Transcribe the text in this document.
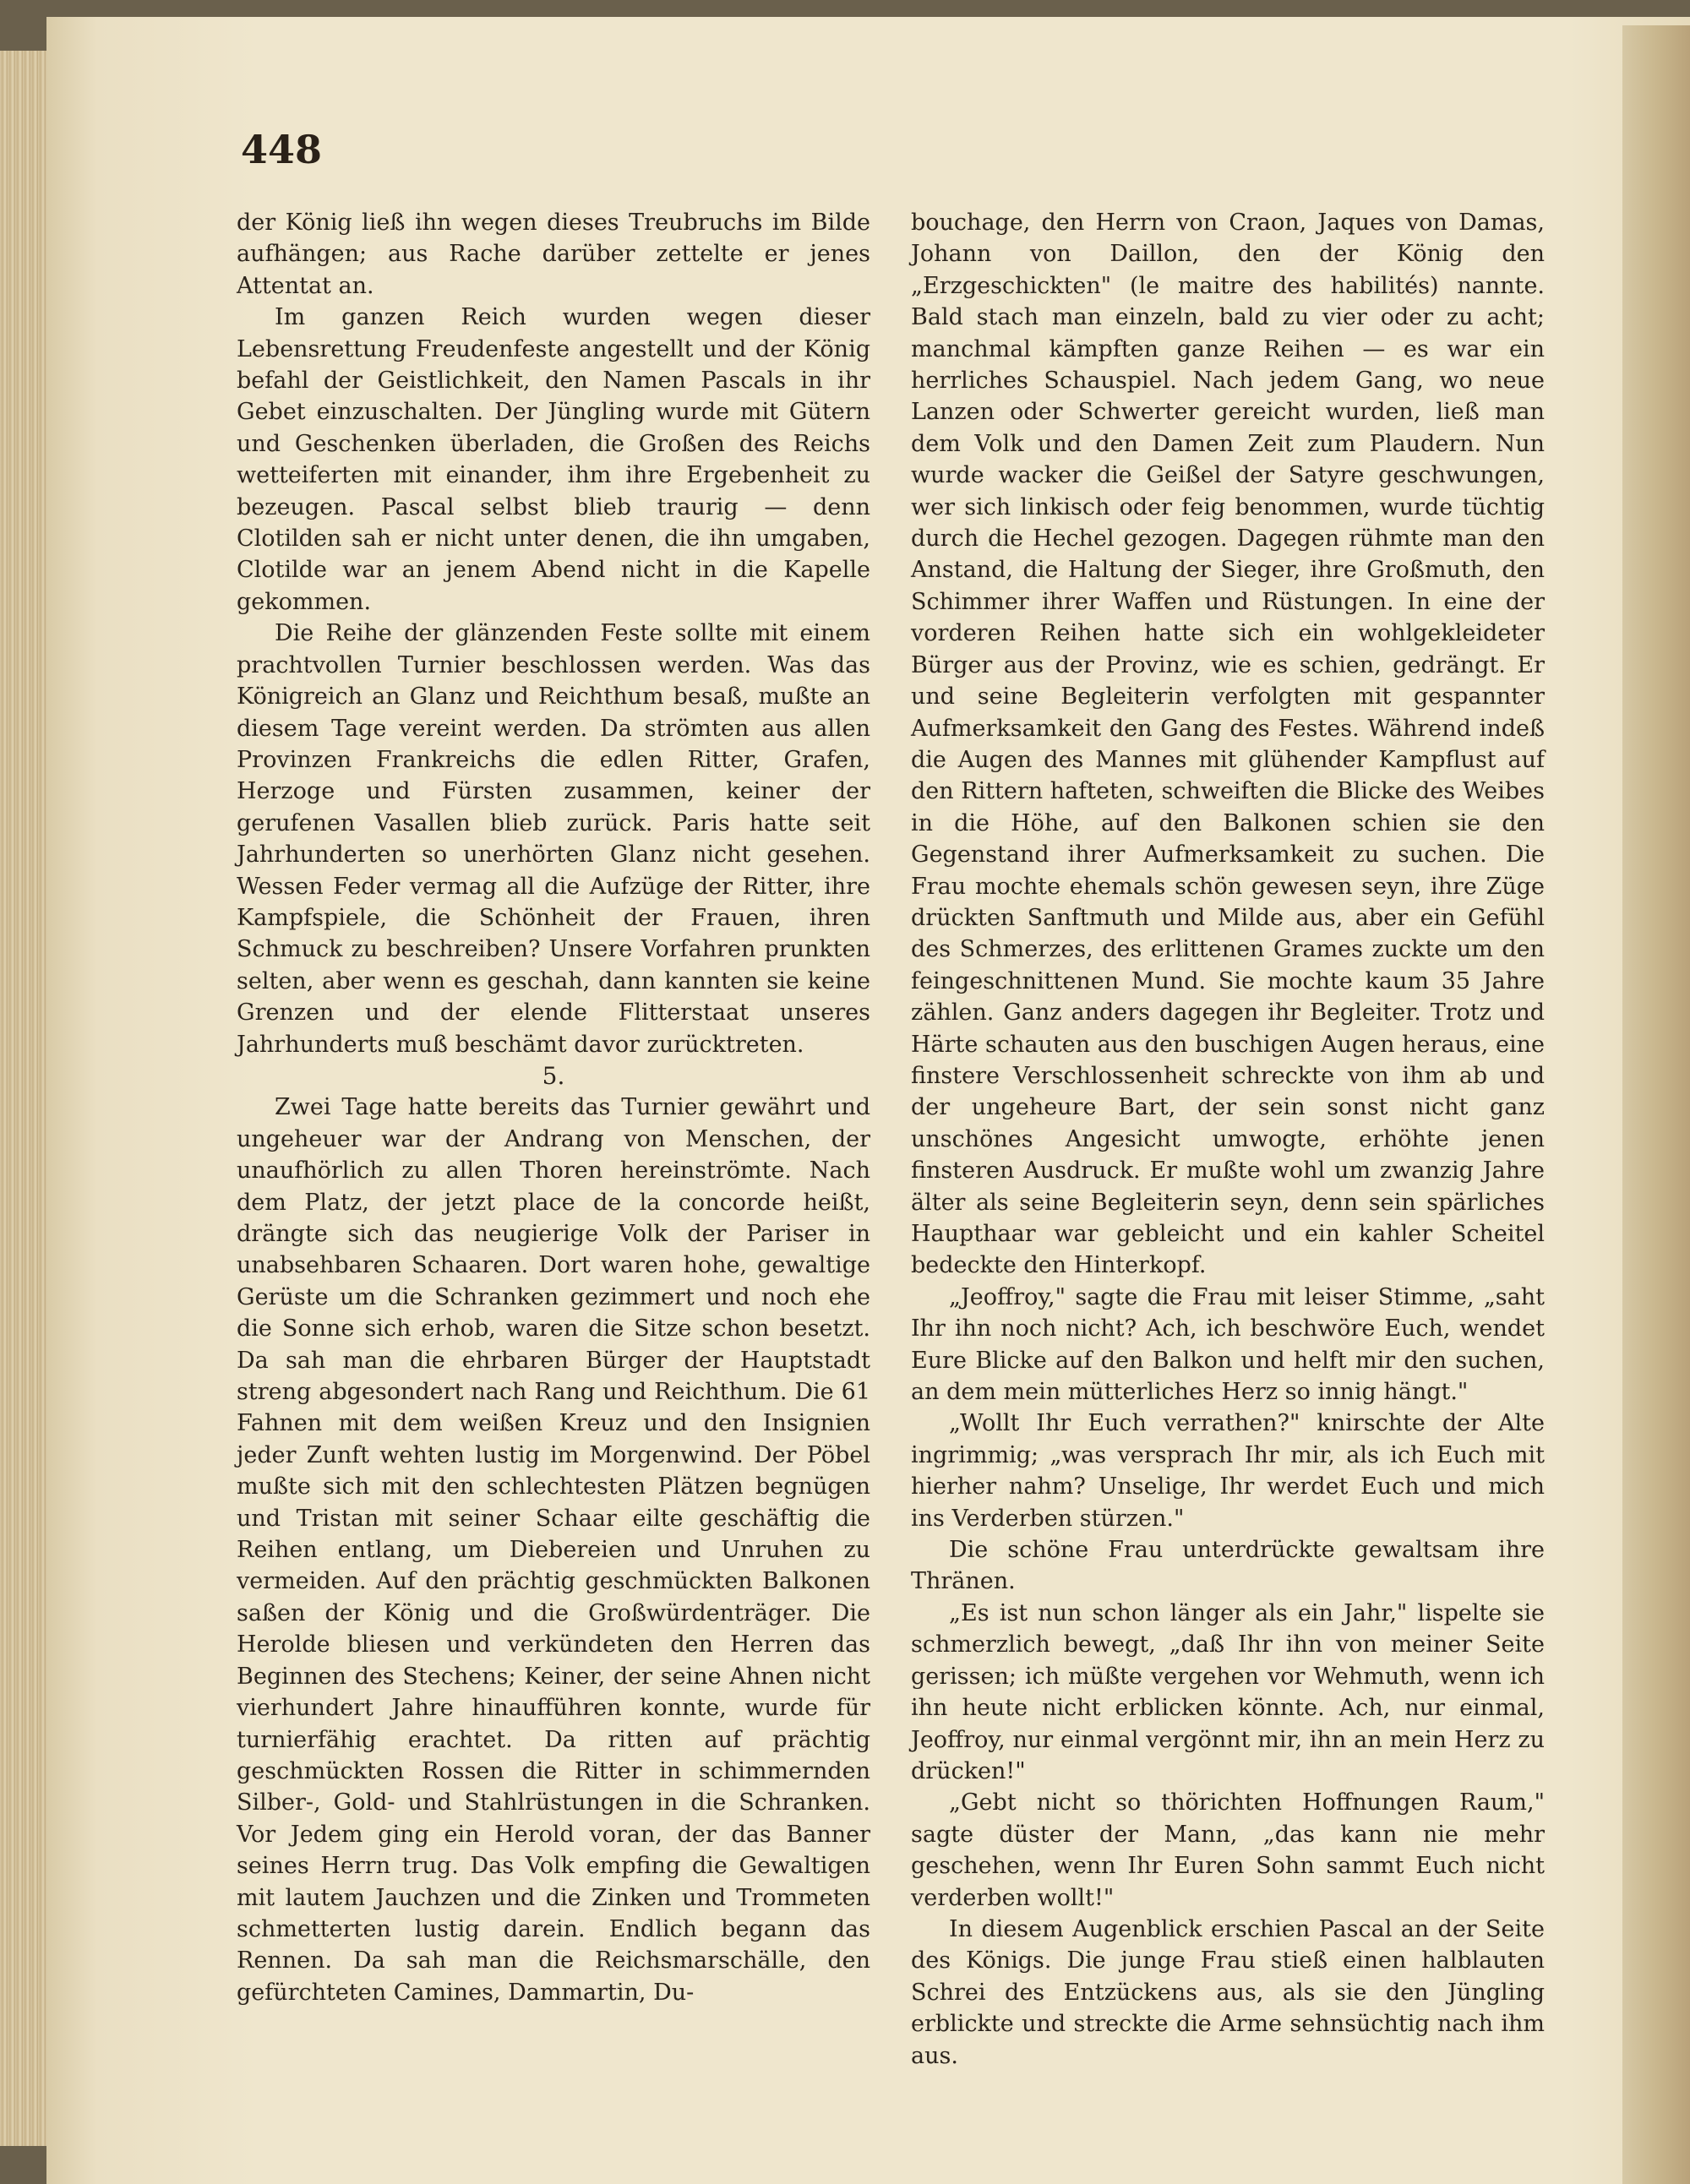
448

der König ließ ihn wegen dieses Treubruchs im Bilde aufhängen; aus Rache darüber zettelte er jenes Attentat an.

Im ganzen Reich wurden wegen dieser Lebensrettung Freudenfeste angestellt und der König befahl der Geistlichkeit, den Namen Pascals in ihr Gebet einzuschalten. Der Jüngling wurde mit Gütern und Geschenken überladen, die Großen des Reichs wetteiferten mit einander, ihm ihre Ergebenheit zu bezeugen. Pascal selbst blieb traurig — denn Clotilden sah er nicht unter denen, die ihn umgaben, Clotilde war an jenem Abend nicht in die Kapelle gekommen.

Die Reihe der glänzenden Feste sollte mit einem prachtvollen Turnier beschlossen werden. Was das Königreich an Glanz und Reichthum besaß, mußte an diesem Tage vereint werden. Da strömten aus allen Provinzen Frankreichs die edlen Ritter, Grafen, Herzoge und Fürsten zusammen, keiner der gerufenen Vasallen blieb zurück. Paris hatte seit Jahrhunderten so unerhörten Glanz nicht gesehen. Wessen Feder vermag all die Aufzüge der Ritter, ihre Kampfspiele, die Schönheit der Frauen, ihren Schmuck zu beschreiben? Unsere Vorfahren prunkten selten, aber wenn es geschah, dann kannten sie keine Grenzen und der elende Flitterstaat unseres Jahrhunderts muß beschämt davor zurücktreten.

5.

Zwei Tage hatte bereits das Turnier gewährt und ungeheuer war der Andrang von Menschen, der unaufhörlich zu allen Thoren hereinströmte. Nach dem Platz, der jetzt place de la concorde heißt, drängte sich das neugierige Volk der Pariser in unabsehbaren Schaaren. Dort waren hohe, gewaltige Gerüste um die Schranken gezimmert und noch ehe die Sonne sich erhob, waren die Sitze schon besetzt. Da sah man die ehrbaren Bürger der Hauptstadt streng abgesondert nach Rang und Reichthum. Die 61 Fahnen mit dem weißen Kreuz und den Insignien jeder Zunft wehten lustig im Morgenwind. Der Pöbel mußte sich mit den schlechtesten Plätzen begnügen und Tristan mit seiner Schaar eilte geschäftig die Reihen entlang, um Diebereien und Unruhen zu vermeiden. Auf den prächtig geschmückten Balkonen saßen der König und die Großwürdenträger. Die Herolde bliesen und verkündeten den Herren das Beginnen des Stechens; Keiner, der seine Ahnen nicht vierhundert Jahre hinaufführen konnte, wurde für turnierfähig erachtet. Da ritten auf prächtig geschmückten Rossen die Ritter in schimmernden Silber-, Gold- und Stahlrüstungen in die Schranken. Vor Jedem ging ein Herold voran, der das Banner seines Herrn trug. Das Volk empfing die Gewaltigen mit lautem Jauchzen und die Zinken und Trommeten schmetterten lustig darein. Endlich begann das Rennen. Da sah man die Reichsmarschälle, den gefürchteten Camines, Dammartin, Du-

bouchage, den Herrn von Craon, Jaques von Damas, Johann von Daillon, den der König den „Erzgeschickten" (le maitre des habilités) nannte. Bald stach man einzeln, bald zu vier oder zu acht; manchmal kämpften ganze Reihen — es war ein herrliches Schauspiel. Nach jedem Gang, wo neue Lanzen oder Schwerter gereicht wurden, ließ man dem Volk und den Damen Zeit zum Plaudern. Nun wurde wacker die Geißel der Satyre geschwungen, wer sich linkisch oder feig benommen, wurde tüchtig durch die Hechel gezogen. Dagegen rühmte man den Anstand, die Haltung der Sieger, ihre Großmuth, den Schimmer ihrer Waffen und Rüstungen. In eine der vorderen Reihen hatte sich ein wohlgekleideter Bürger aus der Provinz, wie es schien, gedrängt. Er und seine Begleiterin verfolgten mit gespannter Aufmerksamkeit den Gang des Festes. Während indeß die Augen des Mannes mit glühender Kampflust auf den Rittern hafteten, schweiften die Blicke des Weibes in die Höhe, auf den Balkonen schien sie den Gegenstand ihrer Aufmerksamkeit zu suchen. Die Frau mochte ehemals schön gewesen seyn, ihre Züge drückten Sanftmuth und Milde aus, aber ein Gefühl des Schmerzes, des erlittenen Grames zuckte um den feingeschnittenen Mund. Sie mochte kaum 35 Jahre zählen. Ganz anders dagegen ihr Begleiter. Trotz und Härte schauten aus den buschigen Augen heraus, eine finstere Verschlossenheit schreckte von ihm ab und der ungeheure Bart, der sein sonst nicht ganz unschönes Angesicht umwogte, erhöhte jenen finsteren Ausdruck. Er mußte wohl um zwanzig Jahre älter als seine Begleiterin seyn, denn sein spärliches Haupthaar war gebleicht und ein kahler Scheitel bedeckte den Hinterkopf.

„Jeoffroy," sagte die Frau mit leiser Stimme, „saht Ihr ihn noch nicht? Ach, ich beschwöre Euch, wendet Eure Blicke auf den Balkon und helft mir den suchen, an dem mein mütterliches Herz so innig hängt."

„Wollt Ihr Euch verrathen?" knirschte der Alte ingrimmig; „was versprach Ihr mir, als ich Euch mit hierher nahm? Unselige, Ihr werdet Euch und mich ins Verderben stürzen."

Die schöne Frau unterdrückte gewaltsam ihre Thränen.

„Es ist nun schon länger als ein Jahr," lispelte sie schmerzlich bewegt, „daß Ihr ihn von meiner Seite gerissen; ich müßte vergehen vor Wehmuth, wenn ich ihn heute nicht erblicken könnte. Ach, nur einmal, Jeoffroy, nur einmal vergönnt mir, ihn an mein Herz zu drücken!"

„Gebt nicht so thörichten Hoffnungen Raum," sagte düster der Mann, „das kann nie mehr geschehen, wenn Ihr Euren Sohn sammt Euch nicht verderben wollt!"

In diesem Augenblick erschien Pascal an der Seite des Königs. Die junge Frau stieß einen halblauten Schrei des Entzückens aus, als sie den Jüngling erblickte und streckte die Arme sehnsüchtig nach ihm aus.
